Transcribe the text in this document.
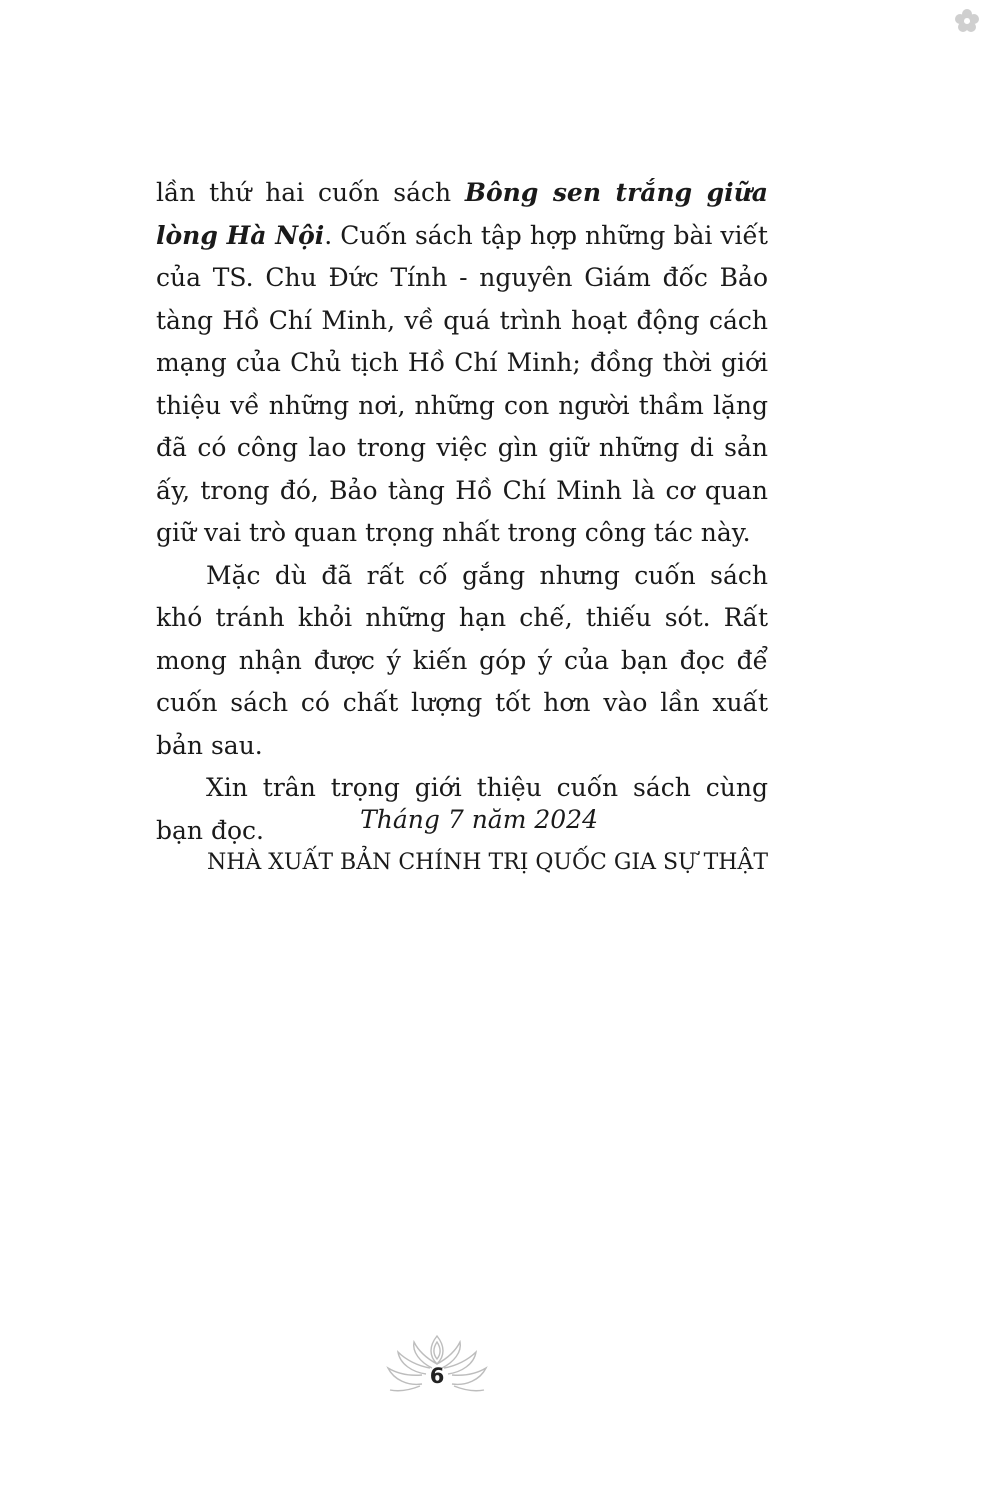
lần thứ hai cuốn sách Bông sen trắng giữa lòng Hà Nội. Cuốn sách tập hợp những bài viết của TS. Chu Đức Tính - nguyên Giám đốc Bảo tàng Hồ Chí Minh, về quá trình hoạt động cách mạng của Chủ tịch Hồ Chí Minh; đồng thời giới thiệu về những nơi, những con người thầm lặng đã có công lao trong việc gìn giữ những di sản ấy, trong đó, Bảo tàng Hồ Chí Minh là cơ quan giữ vai trò quan trọng nhất trong công tác này.

Mặc dù đã rất cố gắng nhưng cuốn sách khó tránh khỏi những hạn chế, thiếu sót. Rất mong nhận được ý kiến góp ý của bạn đọc để cuốn sách có chất lượng tốt hơn vào lần xuất bản sau.

Xin trân trọng giới thiệu cuốn sách cùng bạn đọc.	Tháng 7 năm 2024
NHÀ XUẤT BẢN CHÍNH TRỊ QUỐC GIA SỰ THẬT
6
